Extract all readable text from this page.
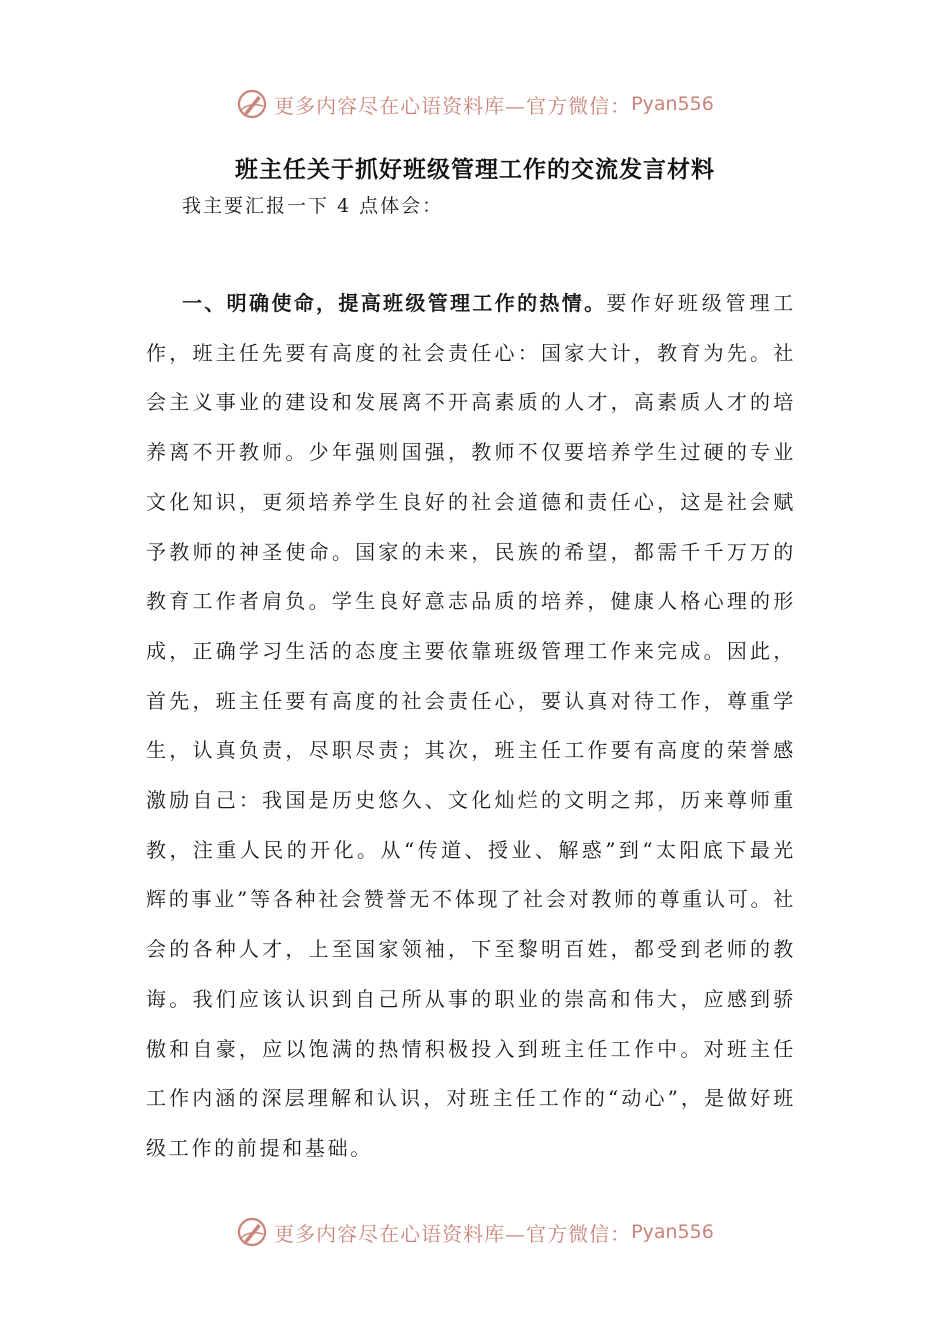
更多内容尽在心语资料库—官方微信： Pyan556
班主任关于抓好班级管理工作的交流发言材料
我主要汇报一下 4 点体会：
一、明确使命，提高班级管理工作的热情。要作好班级管理工作，班主任先要有高度的社会责任心：国家大计，教育为先。社会主义事业的建设和发展离不开高素质的人才，高素质人才的培养离不开教师。少年强则国强，教师不仅要培养学生过硬的专业文化知识，更须培养学生良好的社会道德和责任心，这是社会赋予教师的神圣使命。国家的未来，民族的希望，都需千千万万的教育工作者肩负。学生良好意志品质的培养，健康人格心理的形成，正确学习生活的态度主要依靠班级管理工作来完成。因此，首先，班主任要有高度的社会责任心，要认真对待工作，尊重学生，认真负责，尽职尽责；其次，班主任工作要有高度的荣誉感激励自己：我国是历史悠久、文化灿烂的文明之邦，历来尊师重教，注重人民的开化。从“传道、授业、解惑”到“太阳底下最光辉的事业”等各种社会赞誉无不体现了社会对教师的尊重认可。社会的各种人才，上至国家领袖，下至黎明百姓，都受到老师的教诲。我们应该认识到自己所从事的职业的崇高和伟大，应感到骄傲和自豪，应以饱满的热情积极投入到班主任工作中。对班主任工作内涵的深层理解和认识，对班主任工作的“动心”，是做好班级工作的前提和基础。
更多内容尽在心语资料库—官方微信： Pyan556
